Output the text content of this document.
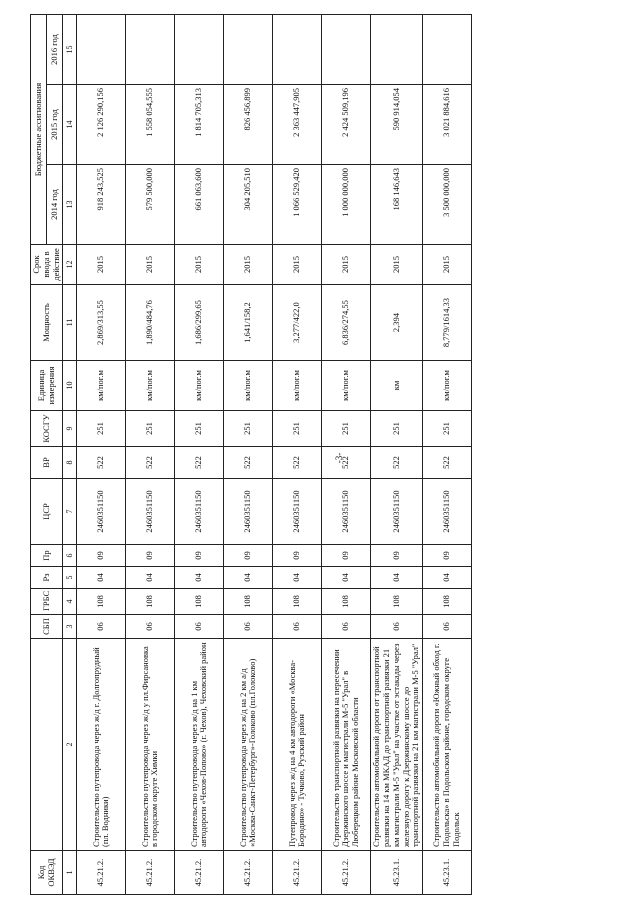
Код ОКВЭД		СБП	ГРБС	Рз	Пр	ЦСР	ВР	КОСГУ	Единица измерения	Мощность	Срок ввода в действие	Бюджетные ассигнования		
												2014 год	2015 год	2016 год
1	2	3	4	5	6	7	8	9	10	11	12	13	14	15
45.21.2.	Строительство путепровода через ж/д г. Долгопрудный (пл. Водники)	06	108	04	09	2460351150	522	251	км/пог.м	2,869/313,55	2015	918 243,525	2 126 290,156	
45.21.2.	Строительство путепровода через ж/д у пл.Фирсановка в городском округе Химки	06	108	04	09	2460351150	522	251	км/пог.м	1,890/484,76	2015	579 500,000	1 558 054,555	
45.21.2.	Строительство путепровода через ж/д на 1 км автодороги «Чехов-Попово» (г. Чехов), Чеховский район	06	108	04	09	2460351150	522	251	км/пог.м	1,686/299,65	2015	661 063,600	1 814 705,313	
45.21.2.	Строительство путепровода через ж/д на 2 км а/д «Москва-Санкт-Петербург»-Голоково (пл.Голоково)	06	108	04	09	2460351150	522	251	км/пог.м	1,641/158,2	2015	304 205,510	826 456,899	
45.21.2.	Путепровод через ж/д на 4 км автодороги «Москва-Бородино» - Тучково, Рузский район	06	108	04	09	2460351150	522	251	км/пог.м	3,277/422,0	2015	1 066 529,420	2 363 447,905	
45.21.2.	Строительство транспортной развязки на пересечении Дзержинского шоссе и магистрали М-5 "Урал" в Люберецком районе Московской области	06	108	04	09	2460351150	522	251	км/пог.м	6,836/274,55	2015	1 000 000,000	2 424 509,196	
45.23.1.	Строительство автомобильной дороги от транспортной развязки на 14 км МКАД до транспортной развязки 21 км магистрали М-5 "Урал" на участке от эстакады через железную дорогу к Дзержинскому шоссе до транспортной развязки на 21 км магистрали М-5 "Урал"	06	108	04	09	2460351150	522	251	км	2,394	2015	168 146,643	590 914,054	
45.23.1.	Строительство автомобильной дороги «Южный обход г. Подольска» в Подольском районе, городском округе Подольск	06	108	04	09	2460351150	522	251	км/пог.м	8,779/1614,33	2015	3 500 000,000	3 021 884,616	
-3-
